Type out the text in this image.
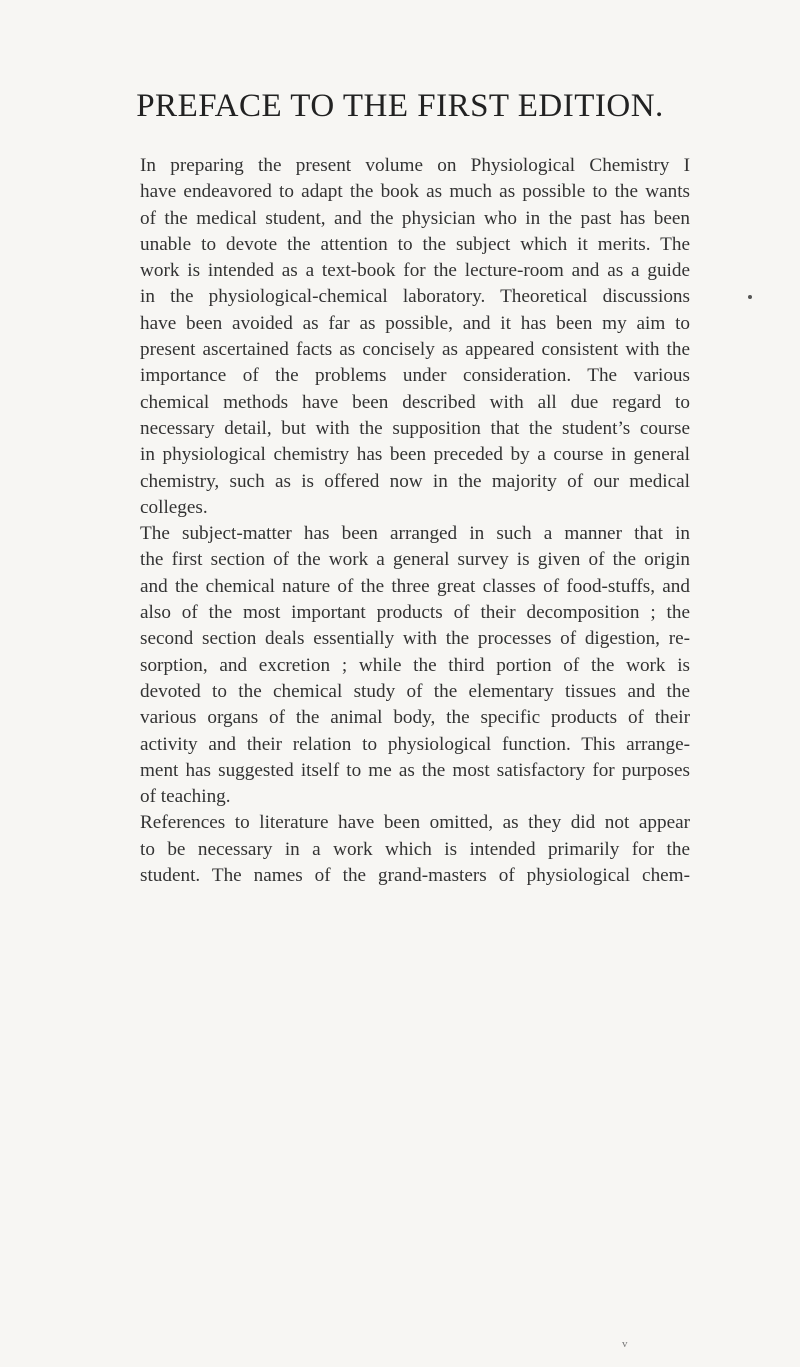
PREFACE TO THE FIRST EDITION.
In preparing the present volume on Physiological Chemistry I
have endeavored to adapt the book as much as possible to the wants
of the medical student, and the physician who in the past has been
unable to devote the attention to the subject which it merits. The
work is intended as a text-book for the lecture-room and as a guide
in the physiological-chemical laboratory. Theoretical discussions
have been avoided as far as possible, and it has been my aim to
present ascertained facts as concisely as appeared consistent with the
importance of the problems under consideration. The various
chemical methods have been described with all due regard to
necessary detail, but with the supposition that the student’s course
in physiological chemistry has been preceded by a course in general
chemistry, such as is offered now in the majority of our medical
colleges.
The subject-matter has been arranged in such a manner that in
the first section of the work a general survey is given of the origin
and the chemical nature of the three great classes of food-stuffs, and
also of the most important products of their decomposition ; the
second section deals essentially with the processes of digestion, re-
sorption, and excretion ; while the third portion of the work is
devoted to the chemical study of the elementary tissues and the
various organs of the animal body, the specific products of their
activity and their relation to physiological function. This arrange-
ment has suggested itself to me as the most satisfactory for purposes
of teaching.
References to literature have been omitted, as they did not appear
to be necessary in a work which is intended primarily for the
student. The names of the grand-masters of physiological chem-
v
